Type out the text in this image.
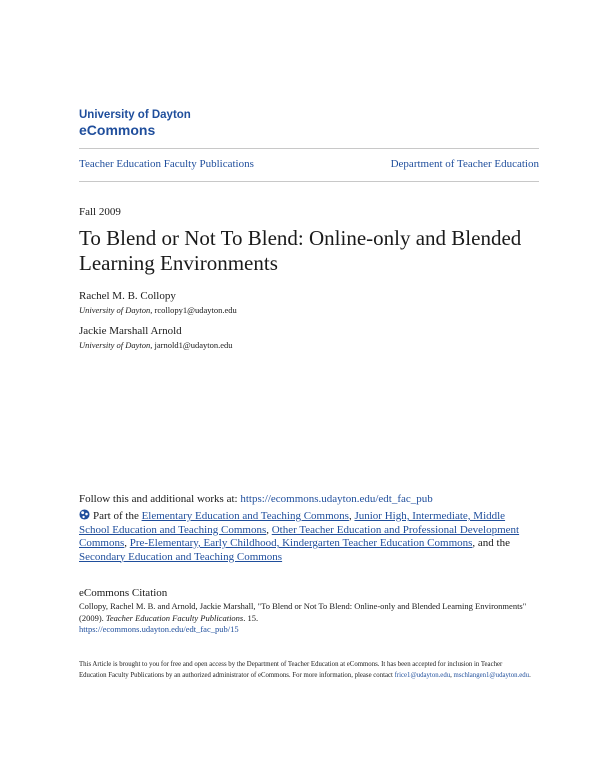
University of Dayton
eCommons
Teacher Education Faculty Publications	Department of Teacher Education
Fall 2009
To Blend or Not To Blend: Online-only and Blended Learning Environments
Rachel M. B. Collopy
University of Dayton, rcollopy1@udayton.edu
Jackie Marshall Arnold
University of Dayton, jarnold1@udayton.edu
Follow this and additional works at: https://ecommons.udayton.edu/edt_fac_pub
Part of the Elementary Education and Teaching Commons, Junior High, Intermediate, Middle School Education and Teaching Commons, Other Teacher Education and Professional Development Commons, Pre-Elementary, Early Childhood, Kindergarten Teacher Education Commons, and the Secondary Education and Teaching Commons
eCommons Citation
Collopy, Rachel M. B. and Arnold, Jackie Marshall, "To Blend or Not To Blend: Online-only and Blended Learning Environments" (2009). Teacher Education Faculty Publications. 15.
https://ecommons.udayton.edu/edt_fac_pub/15
This Article is brought to you for free and open access by the Department of Teacher Education at eCommons. It has been accepted for inclusion in Teacher Education Faculty Publications by an authorized administrator of eCommons. For more information, please contact frice1@udayton.edu, mschlangen1@udayton.edu.
